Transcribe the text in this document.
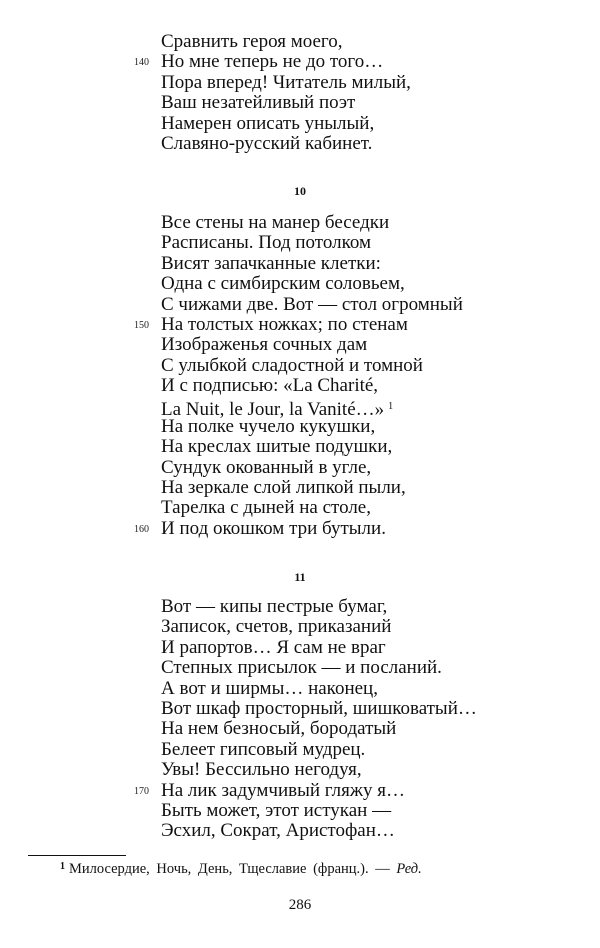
Сравнить героя моего,
140 Но мне теперь не до того…
Пора вперед! Читатель милый,
Ваш незатейливый поэт
Намерен описать унылый,
Славяно-русский кабинет.
10
Все стены на манер беседки
Расписаны. Под потолком
Висят запачканные клетки:
Одна с симбирским соловьем,
С чижами две. Вот — стол огромный
150 На толстых ножках; по стенам
Изображенья сочных дам
С улыбкой сладостной и томной
И с подписью: «La Charité,
La Nuit, le Jour, la Vanité…» $^1$
На полке чучело кукушки,
На креслах шитые подушки,
Сундук окованный в угле,
На зеркале слой липкой пыли,
Тарелка с дыней на столе,
160 И под окошком три бутыли.
11
Вот — кипы пестрые бумаг,
Записок, счетов, приказаний
И рапортов… Я сам не враг
Степных присылок — и посланий.
А вот и ширмы… наконец,
Вот шкаф просторный, шишковатый…
На нем безносый, бородатый
Белеет гипсовый мудрец.
Увы! Бессильно негодуя,
170 На лик задумчивый гляжу я…
Быть может, этот истукан —
Эсхил, Сократ, Аристофан…
$^1$ Милосердие, Ночь, День, Тщеславие (франц.). — Ред.
286
